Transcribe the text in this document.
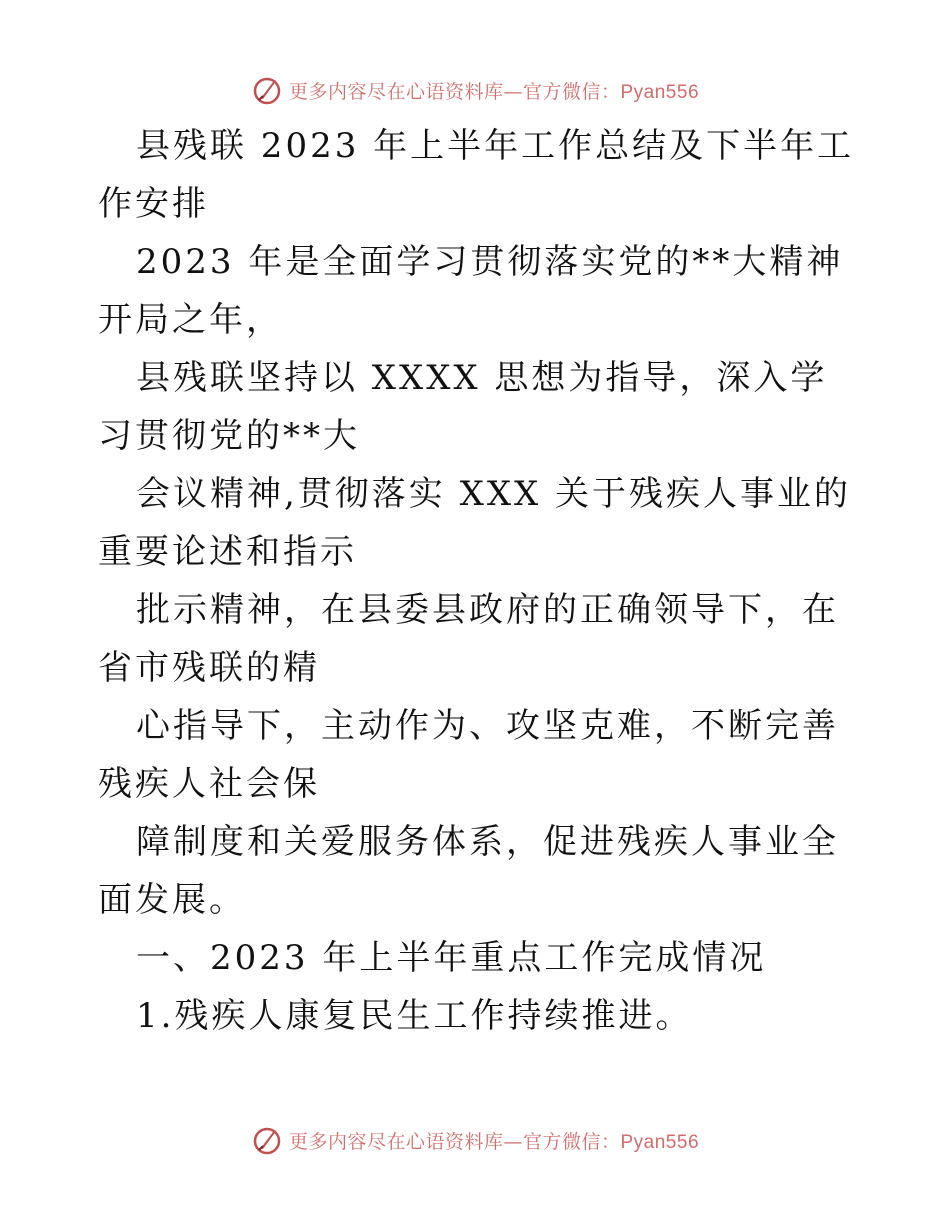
更多内容尽在心语资料库—官方微信：Pyan556

县残联 2023 年上半年工作总结及下半年工作安排

2023 年是全面学习贯彻落实党的**大精神开局之年，

县残联坚持以 XXXX 思想为指导，深入学习贯彻党的**大

会议精神,贯彻落实 XXX 关于残疾人事业的重要论述和指示

批示精神，在县委县政府的正确领导下，在省市残联的精

心指导下，主动作为、攻坚克难，不断完善残疾人社会保

障制度和关爱服务体系，促进残疾人事业全面发展。

一、2023 年上半年重点工作完成情况

1.残疾人康复民生工作持续推进。

更多内容尽在心语资料库—官方微信：Pyan556
